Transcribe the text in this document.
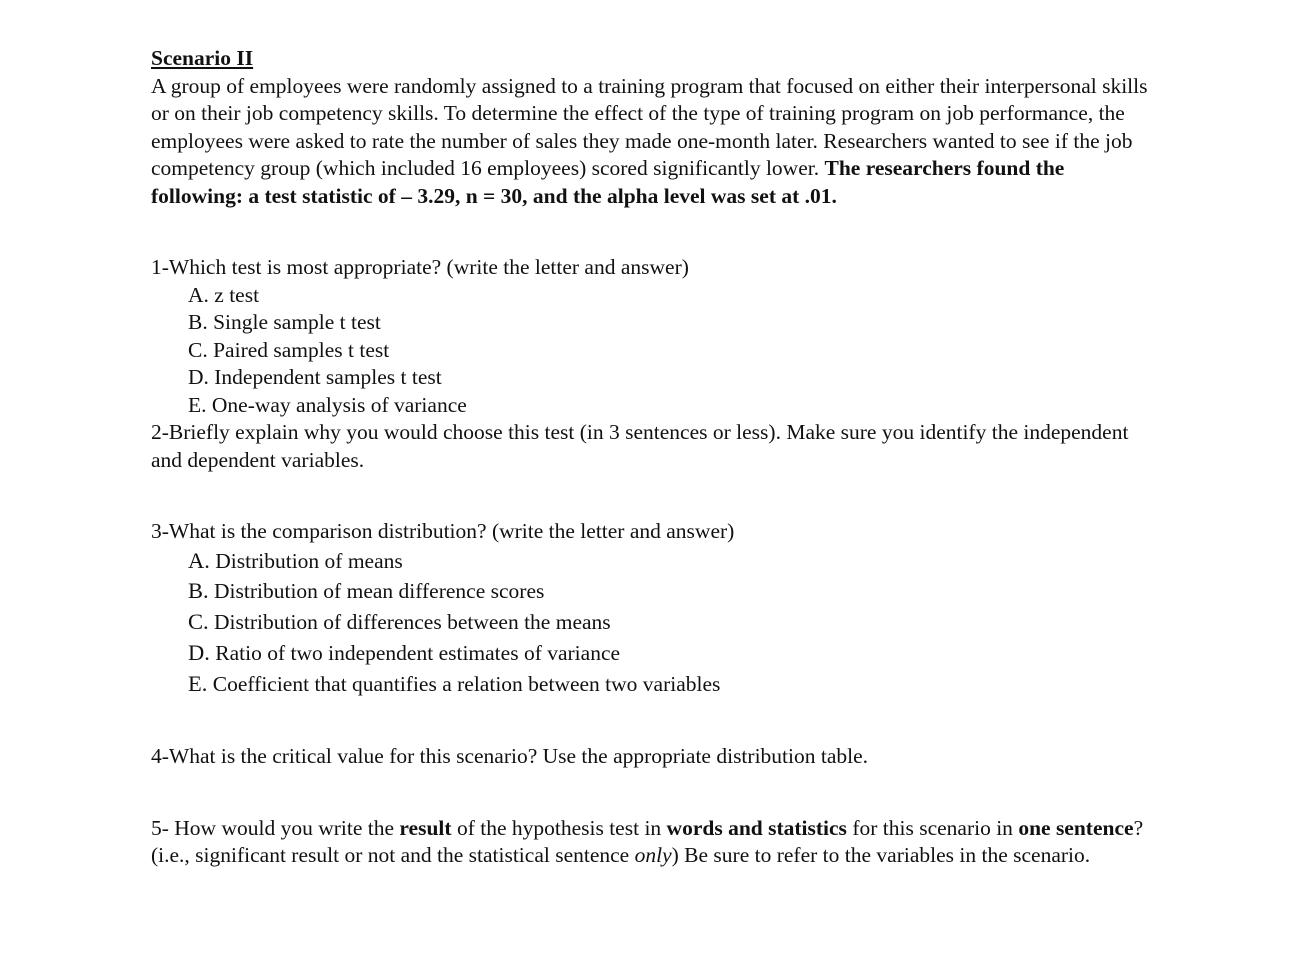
Scenario II

A group of employees were randomly assigned to a training program that focused on either their interpersonal skills or on their job competency skills. To determine the effect of the type of training program on job performance, the employees were asked to rate the number of sales they made one-month later. Researchers wanted to see if the job competency group (which included 16 employees) scored significantly lower. The researchers found the following: a test statistic of – 3.29, n = 30, and the alpha level was set at .01.

1-Which test is most appropriate? (write the letter and answer)

A. z test
B. Single sample t test
C. Paired samples t test
D. Independent samples t test
E. One-way analysis of variance

2-Briefly explain why you would choose this test (in 3 sentences or less). Make sure you identify the independent and dependent variables.

3-What is the comparison distribution? (write the letter and answer)

A. Distribution of means
B. Distribution of mean difference scores
C. Distribution of differences between the means
D. Ratio of two independent estimates of variance
E. Coefficient that quantifies a relation between two variables

4-What is the critical value for this scenario? Use the appropriate distribution table.

5- How would you write the result of the hypothesis test in words and statistics for this scenario in one sentence? (i.e., significant result or not and the statistical sentence only) Be sure to refer to the variables in the scenario.
